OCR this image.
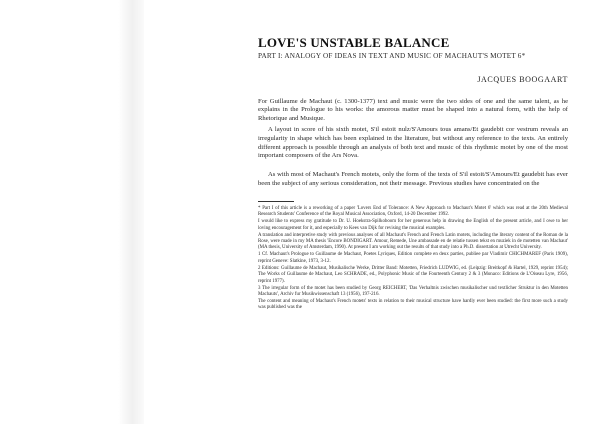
LOVE'S UNSTABLE BALANCE
PART I: ANALOGY OF IDEAS IN TEXT AND MUSIC OF MACHAUT'S MOTET 6*
JACQUES BOOGAART

For Guillaume de Machaut (c. 1300-1377) text and music were the two sides of one and the same talent, as he explains in the Prologue to his works: the amorous matter must be shaped into a natural form, with the help of Rhetorique and Musique.

A layout in score of his sixth motet, S'il estoit nulz/S'Amours tous amans/Et gaudebit cor vestrum reveals an irregularity in shape which has been explained in the literature, but without any reference to the texts. An entirely different approach is possible through an analysis of both text and music of this rhythmic motet by one of the most important composers of the Ars Nova.

As with most of Machaut's French motets, only the form of the texts of S'il estoit/S'Amours/Et gaudebit has ever been the subject of any serious consideration, not their message. Previous studies have concentrated on the

* Part I of this article is a reworking of a paper 'Lovers End of Tolerance: A New Approach to Machaut's Motet 6' which was read at the 20th Medieval Research Students' Conference of the Royal Musical Association, Oxford, 14-20 December 1992.

I would like to express my gratitude to Dr. U. Hoekstra-Spilkoboom for her generous help in drawing the English of the present article, and I owe to her loving encouragement for it, and especially to Kees van Dijk for revising the musical examples.

A translation and interpretive study with previous analyses of all Machaut's French and French Latin motets, including the literary content of the Roman de la Rose, were made in my MA thesis 'Encore BONDIGART. Amour, Remede, Une ambassade en de relatie tussen tekst en muziek in de motetten van Machaut' (MA thesis, University of Amsterdam, 1990). At present I am working out the results of that study into a Ph.D. dissertation at Utrecht University.

1 Cf. Machaut's Prologue to Guillaume de Machaut, Poetes Lyriques, Edition complete en deux parties, publiee par Vladimir CHICHMAREF (Paris 1909), reprint Geneve: Slatkine, 1973, 3-12.

2 Editions: Guillaume de Machaut, Musikalische Werke, Dritter Band: Motetten, Friedrich LUDWIG, ed. (Leipzig: Breitkopf & Hartel, 1929, reprint 1954); The Works of Guillaume de Machaut, Leo SCHRADE, ed., Polyphonic Music of the Fourteenth Century 2 & 3 (Monaco: Editions de L'Oiseau Lyre, 1956, reprint 1977).

3 The irregular form of the motet has been studied by Georg REICHERT, 'Das Verhaltnis zwischen musikalischer und textlicher Struktur in den Motetten Machauts', Archiv fur Musikwissenschaft 13 (1956), 197-216.

The content and meaning of Machaut's French motets' texts in relation to their musical structure have hardly ever been studied: the first more such a study was published was the
